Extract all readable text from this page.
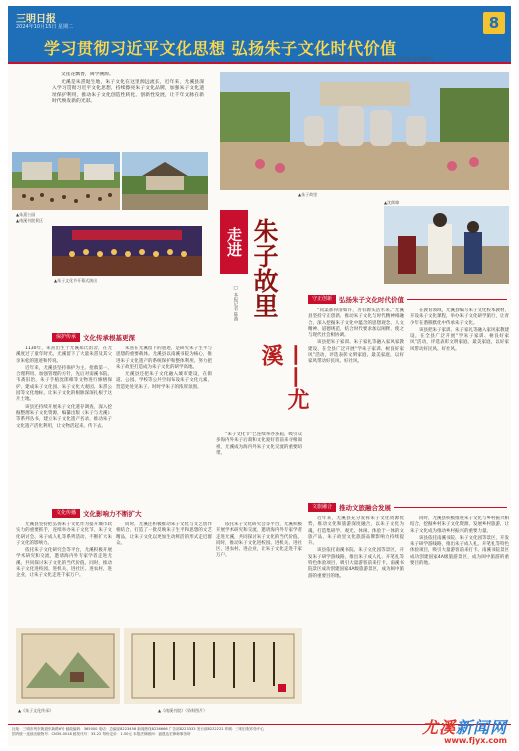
三明日报
2024年10月15日 星期二	8
学习贯彻习近平文化思想 弘扬朱子文化时代价值
责任编辑/宋晓虹 2024年10月15日 星期二 校对/高煜 版式/陈秋月

文莲花飘香，闽学溯源。

尤溪是朱熹诞生地，朱子文化在这里源远流长，近年来，尤溪县深入学习贯彻习近平文化思想，持续擦亮朱子文化品牌，加强朱子文化遗址保护利用，推动朱子文化创造性转化、创新性发展，让千年文脉在新时代焕发新的光彩。

▲朱熹公园
▲南溪书院景区
▲朱子文化节开幕式演出
▲朱子故里
▲沈郎樟
走进 朱子故里
——尤溪
□ 本报记者 陈燕
保护传承	文化传承根基更深

1130年，朱熹出生于尤溪郑氏馆舍，在尤溪度过了童年时光。尤溪留下了大量朱熹及其父亲朱松的遗迹和传说。

近年来，尤溪县坚持保护为主、抢救第一、合理利用、加强管理的方针，先后对南溪书院、韦斋旧治、朱子手植沈郎樟等文物进行修缮保护，建成朱子文化园、朱子文化大观园、朱熹公园等文化地标，让朱子文化的根脉深深扎根于这片土地。

该县还持续开展朱子文化遗存调查，深入挖掘整理朱子文化资源，编纂出版《朱子与尤溪》等系列丛书，建立朱子文化遗产名录，推动朱子文化遗产活化利用，让文物活起来、传下去。

朱熹在尤溪留下的遗迹，是研究朱子生平与思想的重要载体。尤溪县以南溪书院为核心，推进朱子文化遗产的系统保护和整体利用，努力把朱子故里打造成为朱子文化的研学高地。

尤溪县还把朱子文化融入城市建设，在街道、公园、学校等公共空间布设朱子文化元素，营造处处见朱子、时时学朱子的浓厚氛围。

“朱子文化节”已连续举办多届，吸引众多海内外朱子后裔和文化爱好者前来寻根谒祖，尤溪成为海内外朱子文化交流的重要纽带。

文化传播	文化影响力不断扩大

尤溪县坚持把弘扬朱子文化作为提升城市软实力的重要抓手，连续举办朱子文化节、朱子文化研讨会、朱子成人礼等系列活动，不断扩大朱子文化的影响力。

依托朱子文化研究会等平台，尤溪积极开展学术研究和交流，邀请海内外专家学者走进尤溪，共同探讨朱子文化的当代价值。同时，推动朱子文化进校园、进机关、进社区、进农村、进企业，让朱子文化走进千家万户。

同时，尤溪还积极推动朱子文化与文艺创作相结合，打造了一批反映朱子生平和思想的文艺精品，让朱子文化以更加生动鲜活的形式走近群众。

依托朱子文化研究会等平台，尤溪积极开展学术研究和交流，邀请海内外专家学者走进尤溪，共同探讨朱子文化的当代价值。同时，推动朱子文化进校园、进机关、进社区、进农村、进企业，让朱子文化走进千家万户。

▲《朱子文化传承》	▲《南溪书院》（资料图片）
守正创新	弘扬朱子文化时代价值

“问渠那得清如许，为有源头活水来。”尤溪县坚持守正创新，推动朱子文化与时代精神相融合，深入挖掘朱子文化中蕴含的思想观念、人文精神、道德规范，结合时代要求加以阐释，使之与现代社会相协调。

该县把朱子家训、朱子家礼等融入家风家教建设，在全县广泛开展“学朱子家训、树良好家风”活动，评选表彰文明家庭、最美家庭，以好家风带动好民风、好社风。

在教育领域，尤溪县编写朱子文化校本教材，开设朱子文化课程，举办朱子文化研学旅行，让青少年在潜移默化中传承朱子文化。

该县把朱子家训、朱子家礼等融入家风家教建设，在全县广泛开展“学朱子家训、树良好家风”活动，评选表彰文明家庭、最美家庭，以好家风带动好民风、好社风。

文旅融合	推动文旅融合发展

近年来，尤溪县充分发挥朱子文化资源优势，推动文化和旅游深度融合，以朱子文化为魂，打造集研学、观光、休闲、体验于一体的文旅产品，朱子故里文化旅游品牌影响力持续提升。

该县依托南溪书院、朱子文化园等景区，开发朱子研学游线路，推出朱子成人礼、开笔礼等特色体验项目，吸引大量游客前来打卡。南溪书院景区成功创建国家4A级旅游景区，成为闽中旅游的重要目的地。

同时，尤溪县积极推进朱子文化与乡村振兴相结合，挖掘乡村朱子文化资源，发展乡村旅游，让朱子文化成为推动乡村振兴的重要力量。

该县依托南溪书院、朱子文化园等景区，开发朱子研学游线路，推出朱子成人礼、开笔礼等特色体验项目，吸引大量游客前来打卡。南溪书院景区成功创建国家4A级旅游景区，成为闽中旅游的重要目的地。

社址：三明市列东街道东新路6号 邮政编码：365000 电话：总编室8223456 新闻热线8226666 广告部8223333 发行部8222222 印刷：三明日报印务中心
国内统一连续出版物号：CN35-0018 邮发代号：33-22 每份定价：1.50元 本报法律顾问：福建达宏律师事务所	尤溪新闻网
www.fjyx.com
